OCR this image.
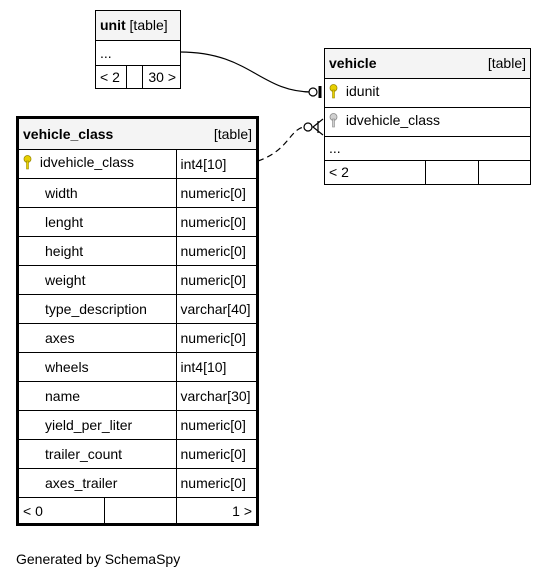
unit [table]
...
< 2		30 >
vehicle	[table]

idunit
idvehicle_class
...
< 2		
vehicle_class [table]		

idvehicle_class		int4[10]
width		numeric[0]
lenght		numeric[0]
height		numeric[0]
weight		numeric[0]
type_description		varchar[40]
axes		numeric[0]
wheels		int4[10]
name		varchar[30]
yield_per_liter		numeric[0]
trailer_count		numeric[0]
axes_trailer		numeric[0]
< 0		1 >
Generated by SchemaSpy
